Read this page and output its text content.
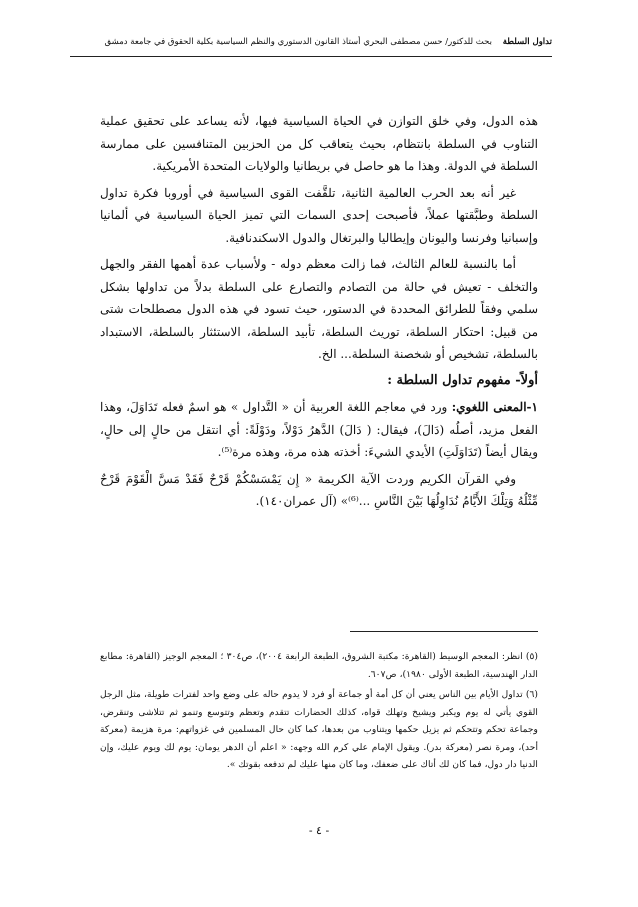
تداول السلطة بحث للدكتور/ حسن مصطفى البحري أستاذ القانون الدستوري والنظم السياسية بكلية الحقوق في جامعة دمشق

هذه الدول، وفي خلق التوازن في الحياة السياسية فيها، لأنه يساعد على تحقيق عملية التناوب في السلطة بانتظام، بحيث يتعاقب كل من الحزبين المتنافسين على ممارسة السلطة في الدولة. وهذا ما هو حاصل في بريطانيا والولايات المتحدة الأمريكية.

غير أنه بعد الحرب العالمية الثانية، تلقَّفت القوى السياسية في أوروبا فكرة تداول السلطة وطبَّقتها عملاً، فأصبحت إحدى السمات التي تميز الحياة السياسية في ألمانيا وإسبانيا وفرنسا واليونان وإيطاليا والبرتغال والدول الاسكندنافية.

أما بالنسبة للعالم الثالث، فما زالت معظم دوله - ولأسباب عدة أهمها الفقر والجهل والتخلف - تعيش في حالة من التصادم والتصارع على السلطة بدلاً من تداولها بشكل سلمي وفقاً للطرائق المحددة في الدستور، حيث تسود في هذه الدول مصطلحات شتى من قبيل: احتكار السلطة، توريث السلطة، تأبيد السلطة، الاستئثار بالسلطة، الاستبداد بالسلطة، تشخيص أو شخصنة السلطة... الخ.

أولاً- مفهوم تداول السلطة :

١-المعنى اللغوي: ورد في معاجم اللغة العربية أن « التَّداول » هو اسمٌ فعله تَدَاوَلَ، وهذا الفعل مزيد، أصلُه (دَالَ)، فيقال: ( دَالَ) الدَّهرُ دَوْلاً، ودَوْلَةً: أي انتقل من حالٍ إلى حالٍ، ويقال أيضاً (تَدَاوَلَتِ) الأيدي الشيءَ: أخذته هذه مرة، وهذه مرة⁽⁵⁾.

وفي القرآن الكريم وردت الآية الكريمة « إِن يَمْسَسْكُمْ قَرْحٌ فَقَدْ مَسَّ الْقَوْمَ قَرْحٌ مِّثْلُهُ وَتِلْكَ الأَيَّامُ نُدَاوِلُهَا بَيْنَ النَّاسِ ...⁽⁶⁾» (آل عمران١٤٠).

(٥) انظر: المعجم الوسيط (القاهرة: مكتبة الشروق، الطبعة الرابعة ٢٠٠٤)، ص٣٠٤ ؛ المعجم الوجيز (القاهرة: مطابع الدار الهندسية، الطبعة الأولى ١٩٨٠)، ص٦٠٧.

(٦) تداول الأيام بين الناس يعني أن كل أمة أو جماعة أو فرد لا يدوم حاله على وضع واحد لفترات طويلة، مثل الرجل القوي يأتي له يوم ويكبر ويشيخ وتهلك قواه، كذلك الحضارات تتقدم وتعظم وتتوسع وتنمو ثم تتلاشى وتنقرض، وجماعة تحكم وتتحكم ثم يزيل حكمها ويتناوب من بعدها، كما كان حال المسلمين في غزواتهم: مرة هزيمة (معركة أحد)، ومرة نصر (معركة بدر). ويقول الإمام علي كرم الله وجهه: « اعلم أن الدهر يومان: يوم لك ويوم عليك، وإن الدنيا دار دول، فما كان لك أتاك على ضعفك، وما كان منها عليك لم تدفعه بقوتك ».

- ٤ -
